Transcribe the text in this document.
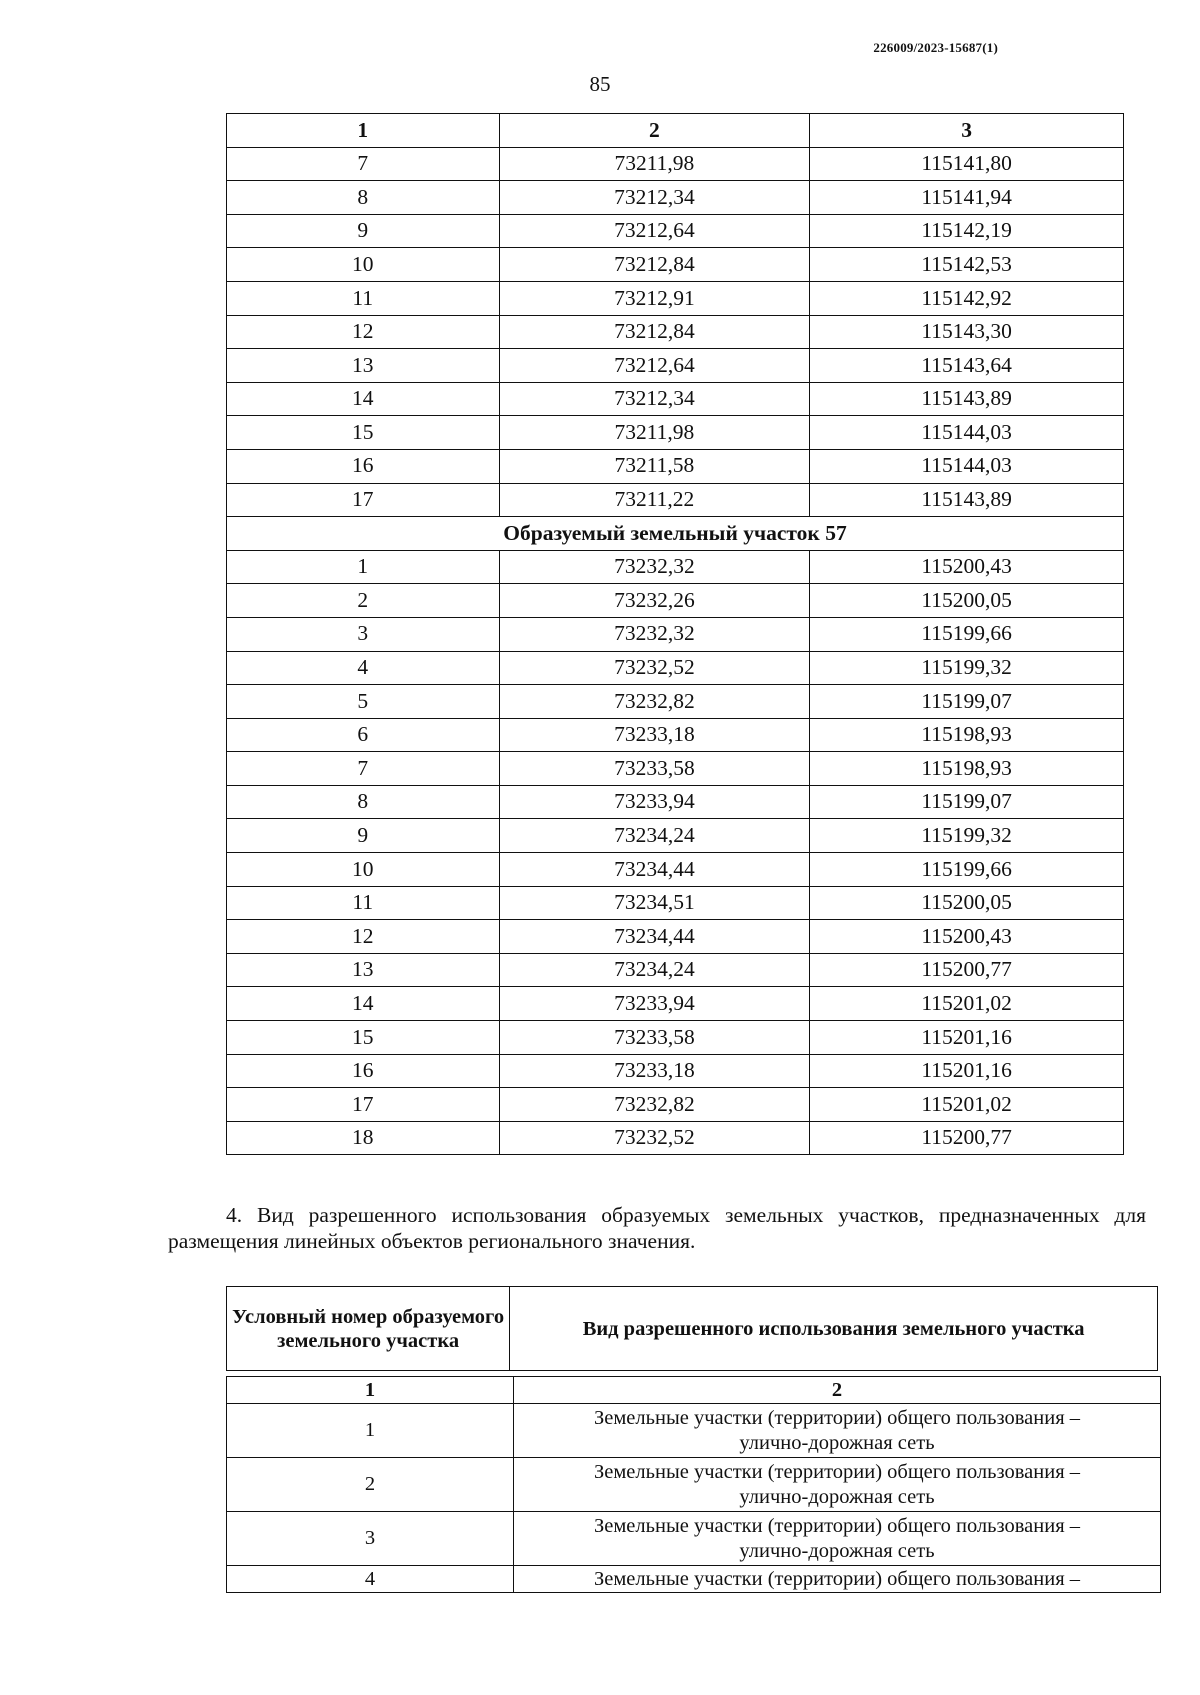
226009/2023-15687(1)
85
1	2	3
7	73211,98	115141,80
8	73212,34	115141,94
9	73212,64	115142,19
10	73212,84	115142,53
11	73212,91	115142,92
12	73212,84	115143,30
13	73212,64	115143,64
14	73212,34	115143,89
15	73211,98	115144,03
16	73211,58	115144,03
17	73211,22	115143,89
Образуемый земельный участок 57		
1	73232,32	115200,43
2	73232,26	115200,05
3	73232,32	115199,66
4	73232,52	115199,32
5	73232,82	115199,07
6	73233,18	115198,93
7	73233,58	115198,93
8	73233,94	115199,07
9	73234,24	115199,32
10	73234,44	115199,66
11	73234,51	115200,05
12	73234,44	115200,43
13	73234,24	115200,77
14	73233,94	115201,02
15	73233,58	115201,16
16	73233,18	115201,16
17	73232,82	115201,02
18	73232,52	115200,77
4. Вид разрешенного использования образуемых земельных участков, предназначенных для размещения линейных объектов регионального значения.
Условный номер образуемого земельного участка	Вид разрешенного использования земельного участка
1	2
1	Земельные участки (территории) общего пользования –
улично-дорожная сеть

2	Земельные участки (территории) общего пользования –
улично-дорожная сеть

3	Земельные участки (территории) общего пользования –
улично-дорожная сеть

4	Земельные участки (территории) общего пользования –
